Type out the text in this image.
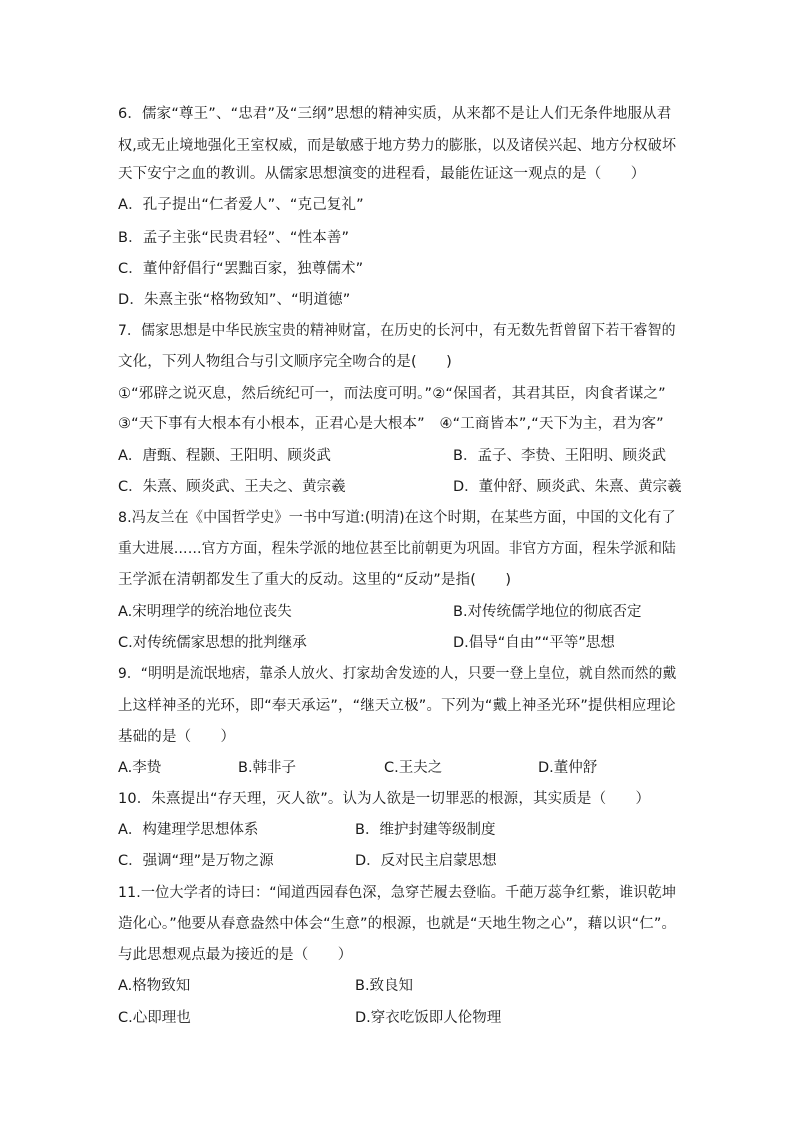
6．儒家“尊王”、“忠君”及“三纲”思想的精神实质，从来都不是让人们无条件地服从君
权,或无止境地强化王室权威，而是敏感于地方势力的膨胀，以及诸侯兴起、地方分权破坏
天下安宁之血的教训。从儒家思想演变的进程看，最能佐证这一观点的是（　　）
A．孔子提出“仁者爱人”、“克己复礼”
B．孟子主张“民贵君轻”、“性本善”
C．董仲舒倡行“罢黜百家，独尊儒术”
D．朱熹主张“格物致知”、“明道德”
7．儒家思想是中华民族宝贵的精神财富，在历史的长河中，有无数先哲曾留下若干睿智的
文化，下列人物组合与引文顺序完全吻合的是(　　)
①“邪辟之说灭息，然后统纪可一，而法度可明。”②“保国者，其君其臣，肉食者谋之”
③“天下事有大根本有小根本，正君心是大根本”　④“工商皆本”,“天下为主，君为客”
A．唐甄、程颢、王阳明、顾炎武	B．孟子、李贽、王阳明、顾炎武
C．朱熹、顾炎武、王夫之、黄宗羲	D．董仲舒、顾炎武、朱熹、黄宗羲
8.冯友兰在《中国哲学史》一书中写道:(明清)在这个时期，在某些方面，中国的文化有了
重大进展……官方方面，程朱学派的地位甚至比前朝更为巩固。非官方方面，程朱学派和陆
王学派在清朝都发生了重大的反动。这里的“反动”是指(　　)
A.宋明理学的统治地位丧失	B.对传统儒学地位的彻底否定
C.对传统儒家思想的批判继承	D.倡导“自由”“平等”思想
9．“明明是流氓地痞，靠杀人放火、打家劫舍发迹的人，只要一登上皇位，就自然而然的戴
上这样神圣的光环，即“奉天承运”，“继天立极”。下列为“戴上神圣光环”提供相应理论
基础的是（　　）
A.李贽	B.韩非子	C.王夫之	D.董仲舒
10．朱熹提出“存天理，灭人欲”。认为人欲是一切罪恶的根源，其实质是（　　）
A．构建理学思想体系	B．维护封建等级制度
C．强调“理”是万物之源	D．反对民主启蒙思想
11.一位大学者的诗曰：“闻道西园春色深，急穿芒履去登临。千葩万蕊争红紫，谁识乾坤
造化心。”他要从春意盎然中体会“生意”的根源，也就是“天地生物之心”，藉以识“仁”。
与此思想观点最为接近的是（　　）
A.格物致知	B.致良知
C.心即理也	D.穿衣吃饭即人伦物理
